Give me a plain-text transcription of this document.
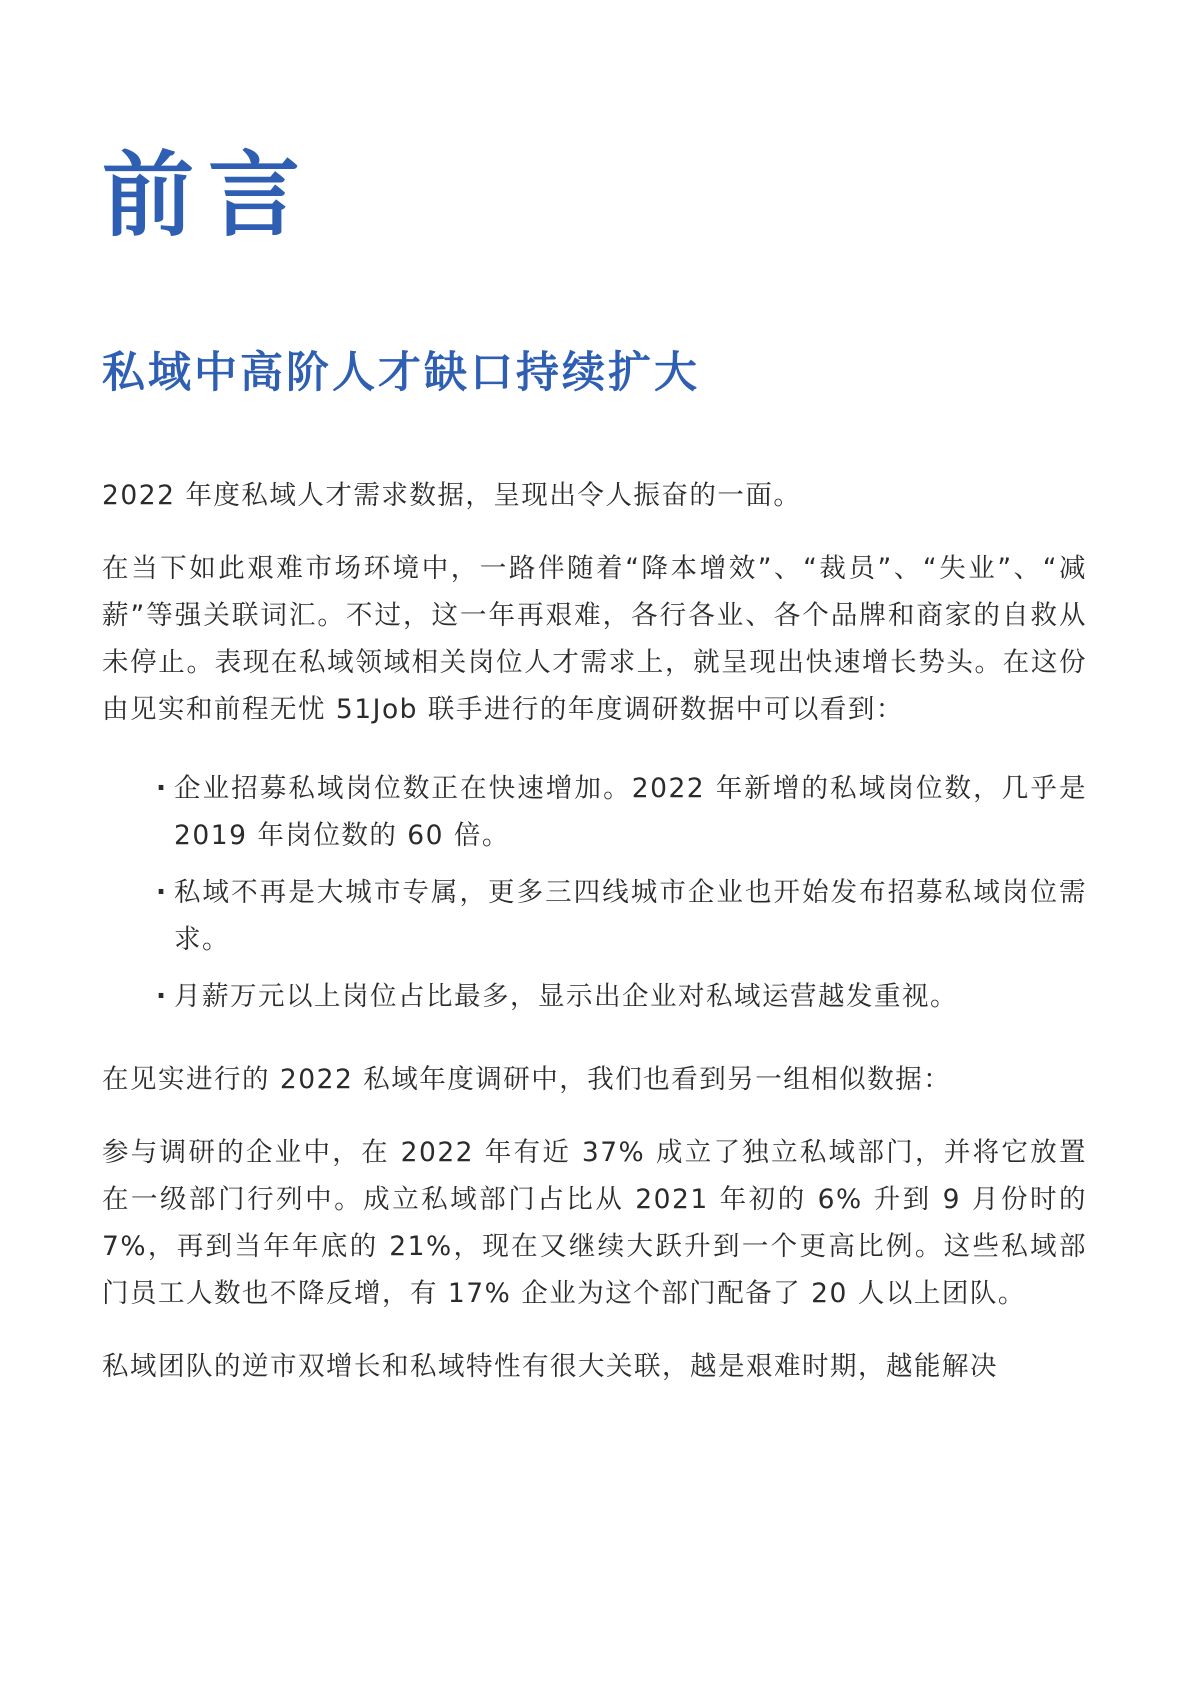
前言
私域中高阶人才缺口持续扩大

2022 年度私域人才需求数据，呈现出令人振奋的一面。

在当下如此艰难市场环境中，一路伴随着“降本增效”、“裁员”、“失业”、“减薪”等强关联词汇。不过，这一年再艰难，各行各业、各个品牌和商家的自救从未停止。表现在私域领域相关岗位人才需求上，就呈现出快速增长势头。在这份由见实和前程无忧 51Job 联手进行的年度调研数据中可以看到：

· 企业招募私域岗位数正在快速增加。2022 年新增的私域岗位数，几乎是 2019 年岗位数的 60 倍。
· 私域不再是大城市专属，更多三四线城市企业也开始发布招募私域岗位需求。
· 月薪万元以上岗位占比最多，显示出企业对私域运营越发重视。

在见实进行的 2022 私域年度调研中，我们也看到另一组相似数据：

参与调研的企业中，在 2022 年有近 37% 成立了独立私域部门，并将它放置在一级部门行列中。成立私域部门占比从 2021 年初的 6% 升到 9 月份时的 7%，再到当年年底的 21%，现在又继续大跃升到一个更高比例。这些私域部门员工人数也不降反增，有 17% 企业为这个部门配备了 20 人以上团队。

私域团队的逆市双增长和私域特性有很大关联，越是艰难时期，越能解决
